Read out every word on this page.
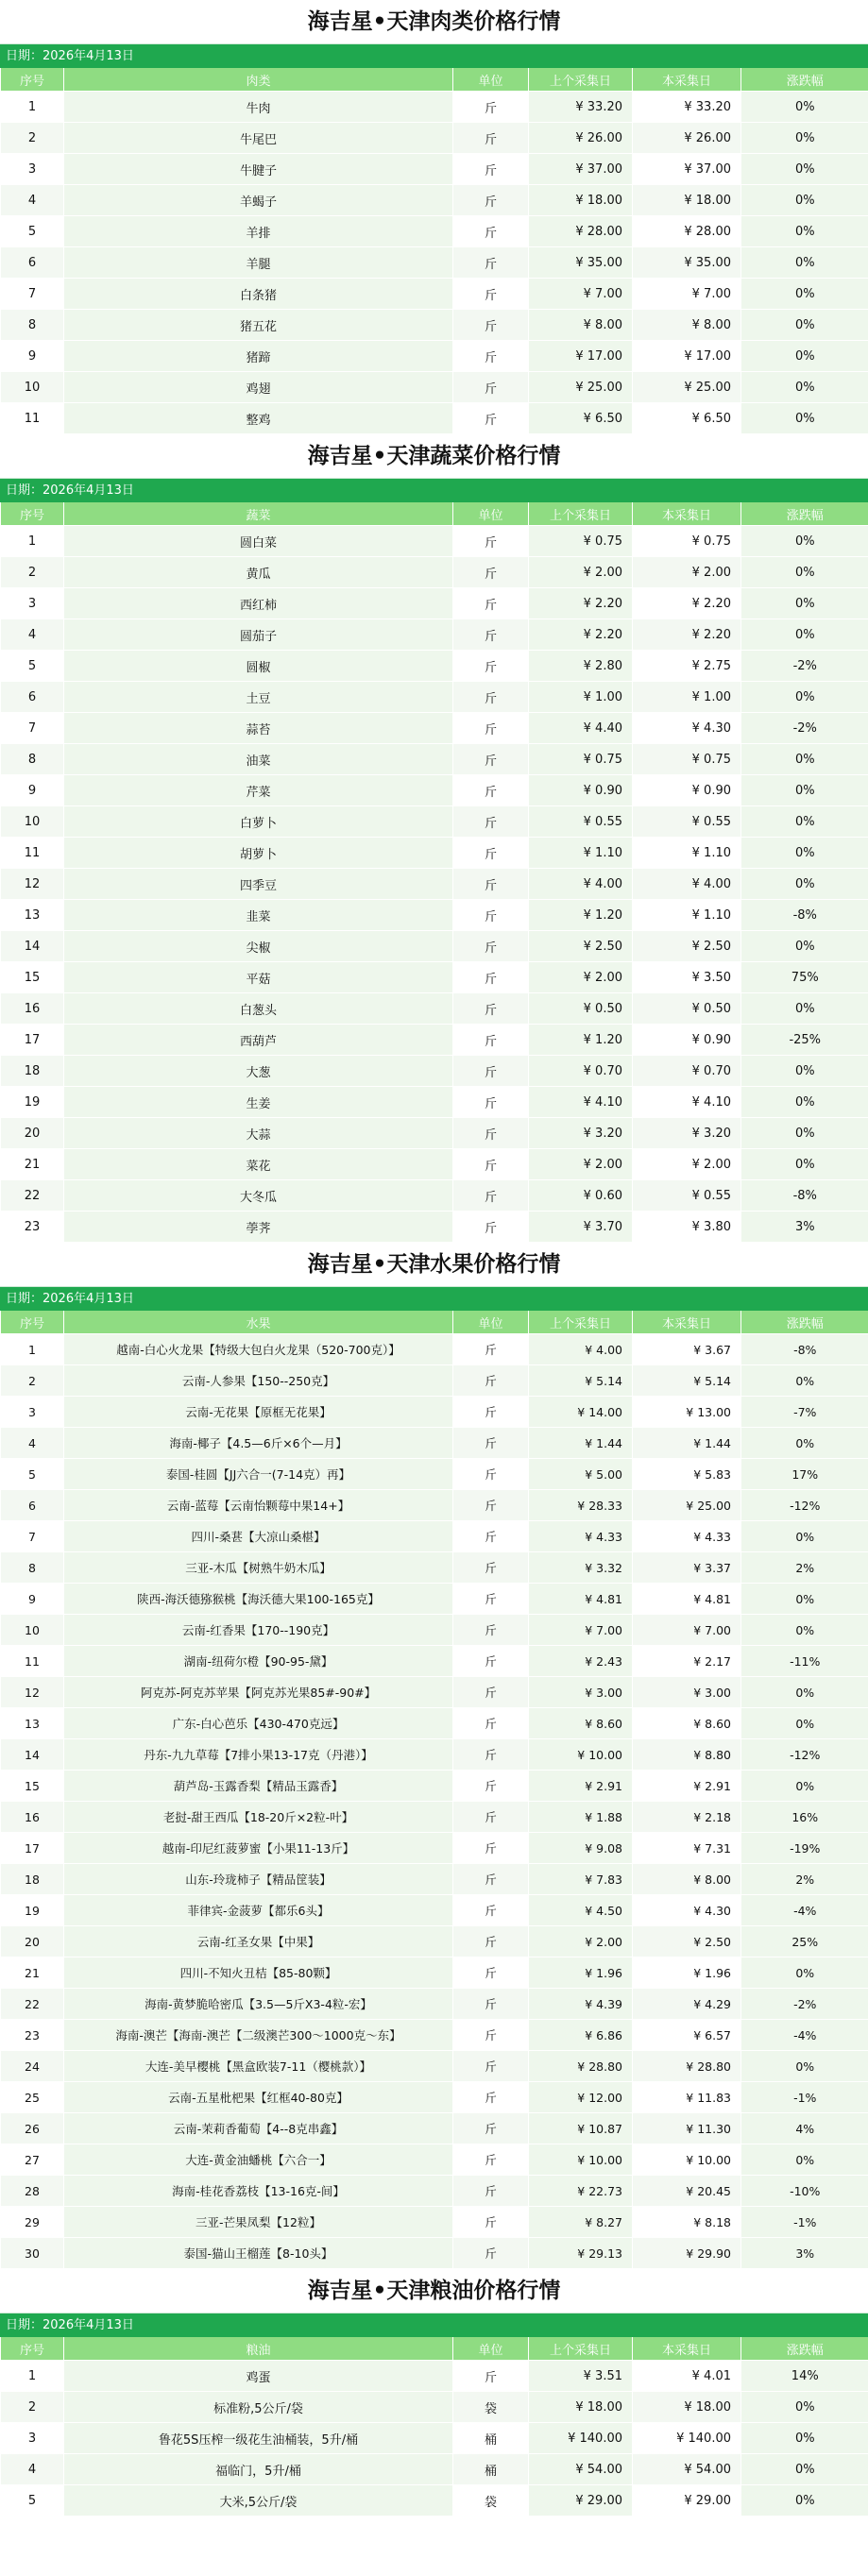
海吉星•天津肉类价格行情
日期：2026年4月13日
序号	肉类	单位	上个采集日	本采集日	涨跌幅
1	牛肉	斤	¥ 33.20	¥ 33.20	0%
2	牛尾巴	斤	¥ 26.00	¥ 26.00	0%
3	牛腱子	斤	¥ 37.00	¥ 37.00	0%
4	羊蝎子	斤	¥ 18.00	¥ 18.00	0%
5	羊排	斤	¥ 28.00	¥ 28.00	0%
6	羊腿	斤	¥ 35.00	¥ 35.00	0%
7	白条猪	斤	¥ 7.00	¥ 7.00	0%
8	猪五花	斤	¥ 8.00	¥ 8.00	0%
9	猪蹄	斤	¥ 17.00	¥ 17.00	0%
10	鸡翅	斤	¥ 25.00	¥ 25.00	0%
11	整鸡	斤	¥ 6.50	¥ 6.50	0%
海吉星•天津蔬菜价格行情
日期：2026年4月13日
序号	蔬菜	单位	上个采集日	本采集日	涨跌幅
1	圆白菜	斤	¥ 0.75	¥ 0.75	0%
2	黄瓜	斤	¥ 2.00	¥ 2.00	0%
3	西红柿	斤	¥ 2.20	¥ 2.20	0%
4	圆茄子	斤	¥ 2.20	¥ 2.20	0%
5	圆椒	斤	¥ 2.80	¥ 2.75	-2%
6	土豆	斤	¥ 1.00	¥ 1.00	0%
7	蒜苔	斤	¥ 4.40	¥ 4.30	-2%
8	油菜	斤	¥ 0.75	¥ 0.75	0%
9	芹菜	斤	¥ 0.90	¥ 0.90	0%
10	白萝卜	斤	¥ 0.55	¥ 0.55	0%
11	胡萝卜	斤	¥ 1.10	¥ 1.10	0%
12	四季豆	斤	¥ 4.00	¥ 4.00	0%
13	韭菜	斤	¥ 1.20	¥ 1.10	-8%
14	尖椒	斤	¥ 2.50	¥ 2.50	0%
15	平菇	斤	¥ 2.00	¥ 3.50	75%
16	白葱头	斤	¥ 0.50	¥ 0.50	0%
17	西葫芦	斤	¥ 1.20	¥ 0.90	-25%
18	大葱	斤	¥ 0.70	¥ 0.70	0%
19	生姜	斤	¥ 4.10	¥ 4.10	0%
20	大蒜	斤	¥ 3.20	¥ 3.20	0%
21	菜花	斤	¥ 2.00	¥ 2.00	0%
22	大冬瓜	斤	¥ 0.60	¥ 0.55	-8%
23	荸荠	斤	¥ 3.70	¥ 3.80	3%
海吉星•天津水果价格行情
日期：2026年4月13日
序号	水果	单位	上个采集日	本采集日	涨跌幅
1	越南-白心火龙果【特级大包白火龙果（520-700克）】	斤	¥ 4.00	¥ 3.67	-8%
2	云南-人参果【150--250克】	斤	¥ 5.14	¥ 5.14	0%
3	云南-无花果【原框无花果】	斤	¥ 14.00	¥ 13.00	-7%
4	海南-椰子【4.5—6斤×6个—月】	斤	¥ 1.44	¥ 1.44	0%
5	泰国-桂圆【JJ六合一(7-14克）再】	斤	¥ 5.00	¥ 5.83	17%
6	云南-蓝莓【云南怡颗莓中果14+】	斤	¥ 28.33	¥ 25.00	-12%
7	四川-桑葚【大凉山桑椹】	斤	¥ 4.33	¥ 4.33	0%
8	三亚-木瓜【树熟牛奶木瓜】	斤	¥ 3.32	¥ 3.37	2%
9	陕西-海沃德猕猴桃【海沃德大果100-165克】	斤	¥ 4.81	¥ 4.81	0%
10	云南-红香果【170--190克】	斤	¥ 7.00	¥ 7.00	0%
11	湖南-纽荷尔橙【90-95-黛】	斤	¥ 2.43	¥ 2.17	-11%
12	阿克苏-阿克苏苹果【阿克苏光果85#-90#】	斤	¥ 3.00	¥ 3.00	0%
13	广东-白心芭乐【430-470克远】	斤	¥ 8.60	¥ 8.60	0%
14	丹东-九九草莓【7排小果13-17克（丹港）】	斤	¥ 10.00	¥ 8.80	-12%
15	葫芦岛-玉露香梨【精品玉露香】	斤	¥ 2.91	¥ 2.91	0%
16	老挝-甜王西瓜【18-20斤×2粒-叶】	斤	¥ 1.88	¥ 2.18	16%
17	越南-印尼红菠萝蜜【小果11-13斤】	斤	¥ 9.08	¥ 7.31	-19%
18	山东-玲珑柿子【精品筐装】	斤	¥ 7.83	¥ 8.00	2%
19	菲律宾-金菠萝【都乐6头】	斤	¥ 4.50	¥ 4.30	-4%
20	云南-红圣女果【中果】	斤	¥ 2.00	¥ 2.50	25%
21	四川-不知火丑桔【85-80颗】	斤	¥ 1.96	¥ 1.96	0%
22	海南-黄梦脆哈密瓜【3.5—5斤X3-4粒-宏】	斤	¥ 4.39	¥ 4.29	-2%
23	海南-澳芒【海南-澳芒【二级澳芒300～1000克～东】	斤	¥ 6.86	¥ 6.57	-4%
24	大连-美早樱桃【黑盒欧装7-11（樱桃款）】	斤	¥ 28.80	¥ 28.80	0%
25	云南-五星枇杷果【红框40-80克】	斤	¥ 12.00	¥ 11.83	-1%
26	云南-茉莉香葡萄【4--8克串鑫】	斤	¥ 10.87	¥ 11.30	4%
27	大连-黄金油蟠桃【六合一】	斤	¥ 10.00	¥ 10.00	0%
28	海南-桂花香荔枝【13-16克-间】	斤	¥ 22.73	¥ 20.45	-10%
29	三亚-芒果凤梨【12粒】	斤	¥ 8.27	¥ 8.18	-1%
30	泰国-猫山王榴莲【8-10头】	斤	¥ 29.13	¥ 29.90	3%
海吉星•天津粮油价格行情
日期：2026年4月13日
序号	粮油	单位	上个采集日	本采集日	涨跌幅
1	鸡蛋	斤	¥ 3.51	¥ 4.01	14%
2	标准粉,5公斤/袋	袋	¥ 18.00	¥ 18.00	0%
3	鲁花5S压榨一级花生油桶装，5升/桶	桶	¥ 140.00	¥ 140.00	0%
4	福临门，5升/桶	桶	¥ 54.00	¥ 54.00	0%
5	大米,5公斤/袋	袋	¥ 29.00	¥ 29.00	0%
